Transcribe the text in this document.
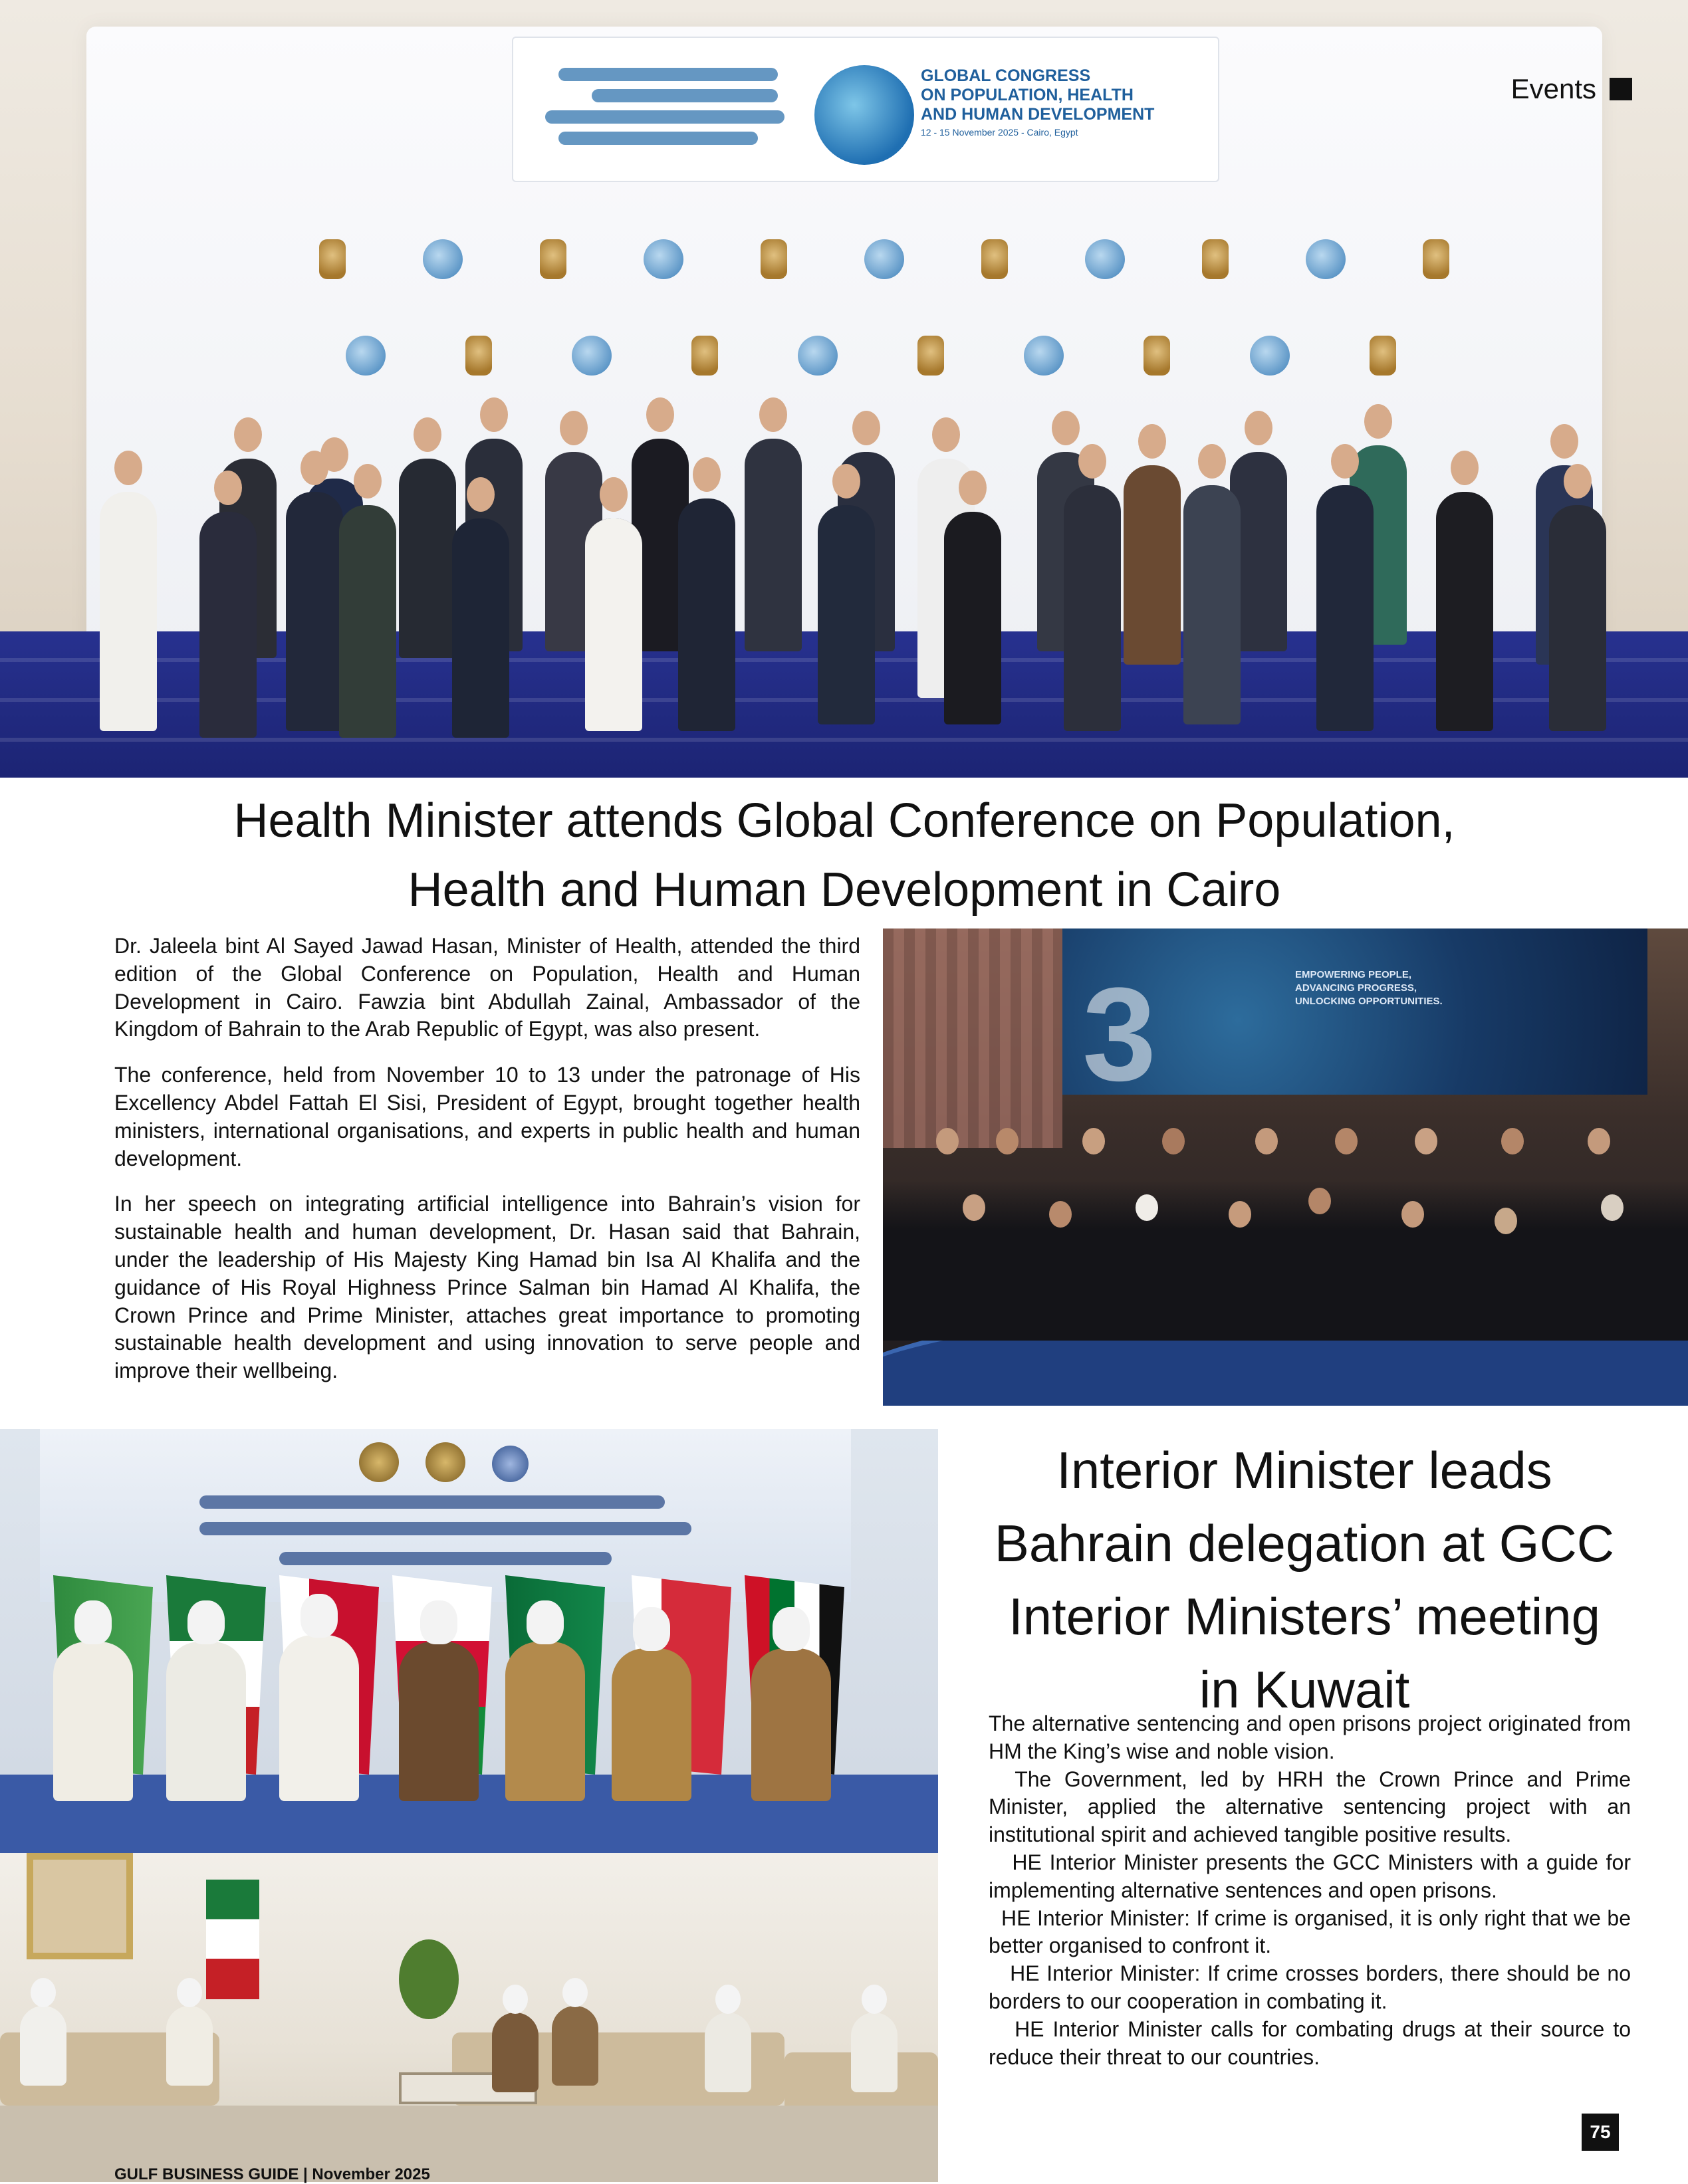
GLOBAL CONGRESS
ON POPULATION, HEALTH
AND HUMAN DEVELOPMENT
12 - 15 November 2025 - Cairo, Egypt
Events
Health Minister attends Global Conference on Population,
Health and Human Development in Cairo

Dr. Jaleela bint Al Sayed Jawad Hasan, Minister of Health, attended the third edition of the Global Conference on Population, Health and Human Development in Cairo. Fawzia bint Abdullah Zainal, Ambassador of the Kingdom of Bahrain to the Arab Republic of Egypt, was also present.

The conference, held from November 10 to 13 under the patronage of His Excellency Abdel Fattah El Sisi, President of Egypt, brought together health ministers, international organisations, and experts in public health and human development.

In her speech on integrating artificial intelligence into Bahrain’s vision for sustainable health and human development, Dr. Hasan said that Bahrain, under the leadership of His Majesty King Hamad bin Isa Al Khalifa and the guidance of His Royal Highness Prince Salman bin Hamad Al Khalifa, the Crown Prince and Prime Minister, attaches great importance to promoting sustainable health development and using innovation to serve people and improve their wellbeing.

3	EMPOWERING PEOPLE,
ADVANCING PROGRESS,
UNLOCKING OPPORTUNITIES.
GULF BUSINESS GUIDE | November 2025
Interior Minister leads
Bahrain delegation at GCC
Interior Ministers’ meeting
in Kuwait

The alternative sentencing and open prisons project originated from HM the King’s wise and noble vision.

The Government, led by HRH the Crown Prince and Prime Minister, applied the alternative sentencing project with an institutional spirit and achieved tangible positive results.

HE Interior Minister presents the GCC Ministers with a guide for implementing alternative sentences and open prisons.

HE Interior Minister: If crime is organised, it is only right that we be better organised to confront it.

HE Interior Minister: If crime crosses borders, there should be no borders to our cooperation in combating it.

HE Interior Minister calls for combating drugs at their source to reduce their threat to our countries.

75
